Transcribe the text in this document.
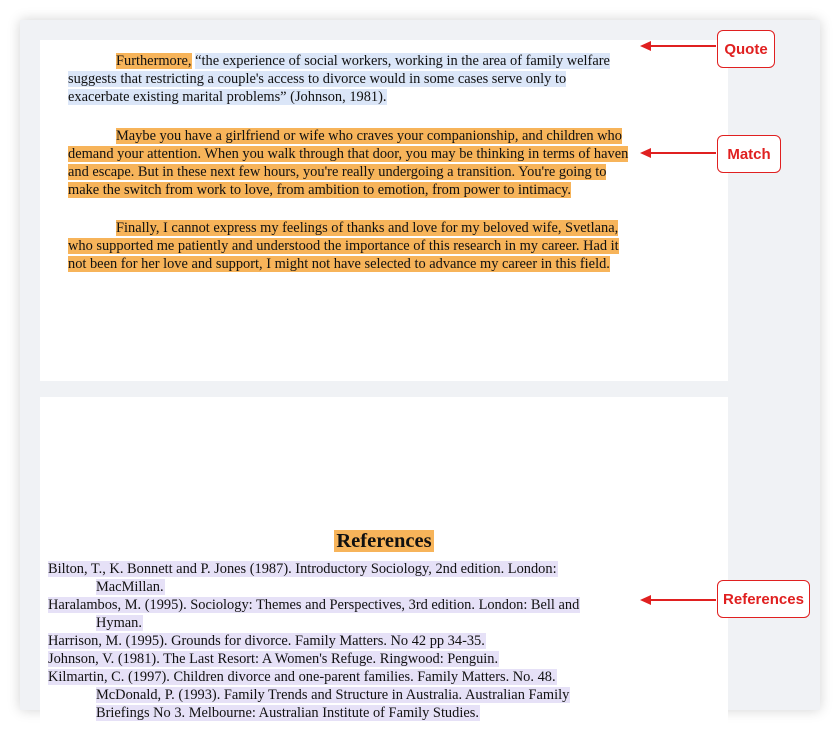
Furthermore, “the experience of social workers, working in the area of family welfare
suggests that restricting a couple's access to divorce would in some cases serve only to
exacerbate existing marital problems” (Johnson, 1981).
Maybe you have a girlfriend or wife who craves your companionship, and children who
demand your attention. When you walk through that door, you may be thinking in terms of haven
and escape. But in these next few hours, you're really undergoing a transition. You're going to
make the switch from work to love, from ambition to emotion, from power to intimacy.
Finally, I cannot express my feelings of thanks and love for my beloved wife, Svetlana,
who supported me patiently and understood the importance of this research in my career. Had it
not been for her love and support, I might not have selected to advance my career in this field.
References
Bilton, T., K. Bonnett and P. Jones (1987). Introductory Sociology, 2nd edition. London:
MacMillan.
Haralambos, M. (1995). Sociology: Themes and Perspectives, 3rd edition. London: Bell and
Hyman.
Harrison, M. (1995). Grounds for divorce. Family Matters. No 42 pp 34-35.
Johnson, V. (1981). The Last Resort: A Women's Refuge. Ringwood: Penguin.
Kilmartin, C. (1997). Children divorce and one-parent families. Family Matters. No. 48.
McDonald, P. (1993). Family Trends and Structure in Australia. Australian Family
Briefings No 3. Melbourne: Australian Institute of Family Studies.
Quote
Match
References
